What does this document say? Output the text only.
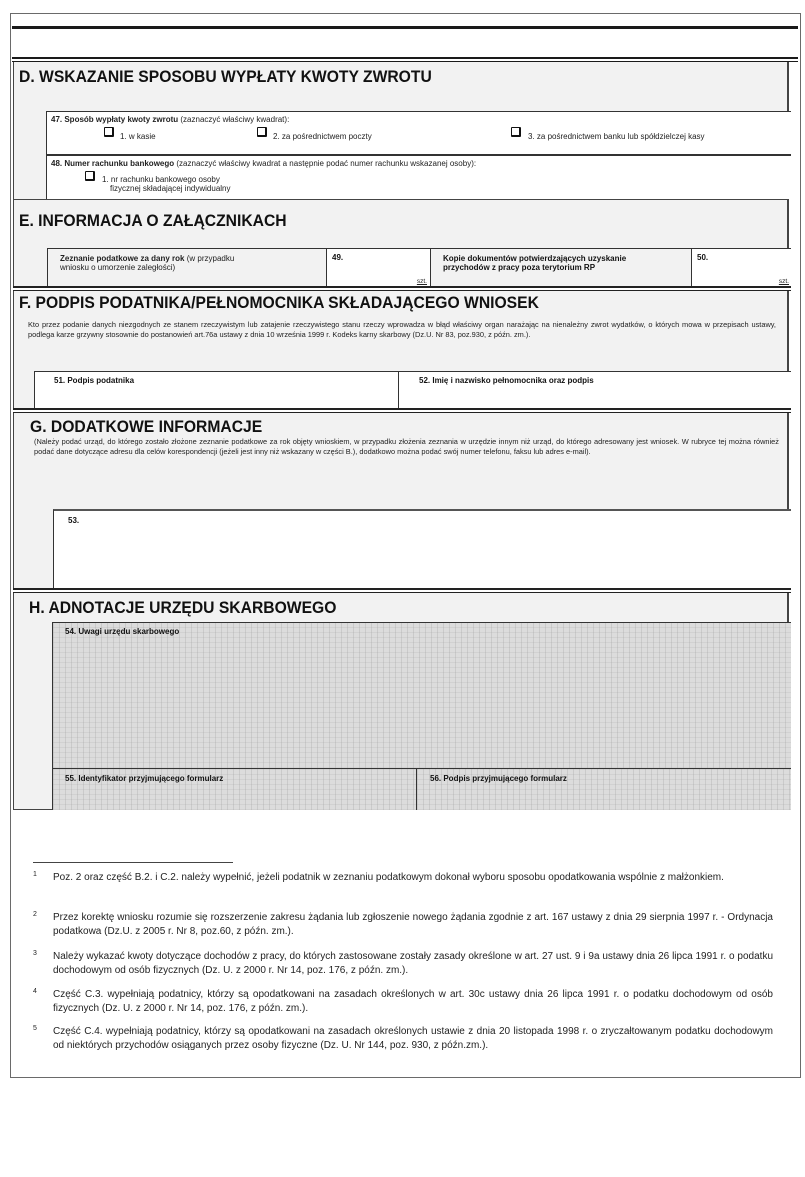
D. WSKAZANIE SPOSOBU WYPŁATY KWOTY ZWROTU
47. Sposób wypłaty kwoty zwrotu (zaznaczyć właściwy kwadrat):
1. w kasie	2. za pośrednictwem poczty	3. za pośrednictwem banku lub spółdzielczej kasy
48. Numer rachunku bankowego (zaznaczyć właściwy kwadrat a następnie podać numer rachunku wskazanej osoby):
1. nr rachunku bankowego osoby
fizycznej składającej indywidualny
E. INFORMACJA O ZAŁĄCZNIKACH
Zeznanie podatkowe za dany rok (w przypadku
wniosku o umorzenie zaległości)
49.
szt.
Kopie dokumentów potwierdzających uzyskanie
przychodów z pracy poza terytorium RP
50.
szt.
F. PODPIS PODATNIKA/PEŁNOMOCNIKA SKŁADAJĄCEGO WNIOSEK
Kto przez podanie danych niezgodnych ze stanem rzeczywistym lub zatajenie rzeczywistego stanu rzeczy wprowadza w błąd właściwy organ narażając na nienależny zwrot wydatków, o których mowa w przepisach ustawy, podlega karze grzywny stosownie do postanowień art.76a ustawy z dnia 10 września 1999 r. Kodeks karny skarbowy (Dz.U. Nr 83, poz.930, z późn. zm.).
51. Podpis podatnika	52. Imię i nazwisko pełnomocnika oraz podpis
G. DODATKOWE INFORMACJE
(Należy podać urząd, do którego zostało złożone zeznanie podatkowe za rok objęty wnioskiem, w przypadku złożenia zeznania w urzędzie innym niż urząd, do którego adresowany jest wniosek. W rubryce tej można również podać dane dotyczące adresu dla celów korespondencji (jeżeli jest inny niż wskazany w części B.), dodatkowo można podać swój numer telefonu, faksu lub adres e-mail).
53.
H. ADNOTACJE URZĘDU SKARBOWEGO
54. Uwagi urzędu skarbowego
55. Identyfikator przyjmującego formularz	56. Podpis przyjmującego formularz
1 Poz. 2 oraz część B.2. i C.2. należy wypełnić, jeżeli podatnik w zeznaniu podatkowym dokonał wyboru sposobu opodatkowania wspólnie z małżonkiem.
2 Przez korektę wniosku rozumie się rozszerzenie zakresu żądania lub zgłoszenie nowego żądania zgodnie z art. 167 ustawy z dnia 29 sierpnia 1997 r. - Ordynacja podatkowa (Dz.U. z 2005 r. Nr 8, poz.60, z późn. zm.).
3 Należy wykazać kwoty dotyczące dochodów z pracy, do których zastosowane zostały zasady określone w art. 27 ust. 9 i 9a ustawy dnia 26 lipca 1991 r. o podatku dochodowym od osób fizycznych (Dz. U. z 2000 r. Nr 14, poz. 176, z późn. zm.).
4 Część C.3. wypełniają podatnicy, którzy są opodatkowani na zasadach określonych w art. 30c ustawy dnia 26 lipca 1991 r. o podatku dochodowym od osób fizycznych (Dz. U. z 2000 r. Nr 14, poz. 176, z późn. zm.).
5 Część C.4. wypełniają podatnicy, którzy są opodatkowani na zasadach określonych ustawie z dnia 20 listopada 1998 r. o zryczałtowanym podatku dochodowym od niektórych przychodów osiąganych przez osoby fizyczne (Dz. U. Nr 144, poz. 930, z późn.zm.).
